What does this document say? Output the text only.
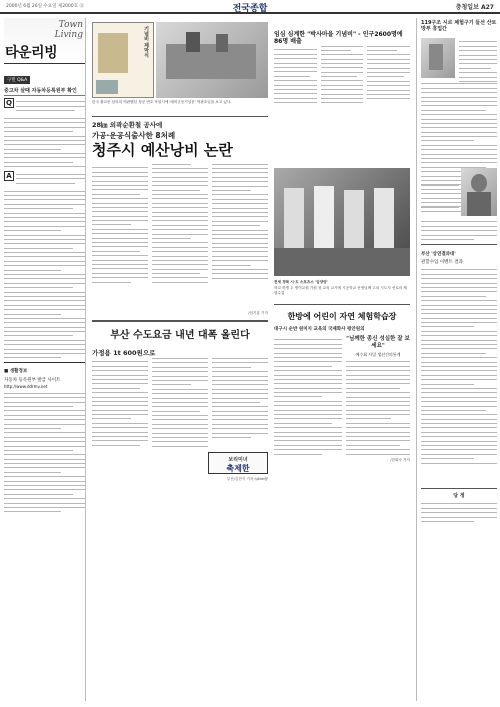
2000년 6월 26일 수요일 제2000호 ㊄	전국종합	충청일보 A27
Town
Living
타운리빙
구민 Q&A
중고차 살때 자동차등록원부 확인
Q
A
■ 생활정보
자동차 등록원부 발급 사이트
http://www.ddrmv.net
기념비 제막식
한국 불교문 삼의의 역판했던 청공 번호 작업시에 '예비군동기입문' 역판호일을 보고 있다.
28㎞ 외곽순환철 공사에
가공·운공식출사한 8처례
청주시 예산낭비 논란
/엄기홍 기자
부산 수도요금 내년 대폭 올린다
가정용 1t 600원으로
부산/김현식 기자 hjkim@
보리미녀
축제한
임심 심계한 "박사마을 기념비" - 인구2600명에 86명 배출
전세 경북 시·도 스포츠스 '입양양'
학교 학생 두 명이교원 가원 청 교육 교기에 시공학교 선생님께 고쳐 시도지 선로의 체험수업
한방에 어린이 자연 체험학습장
대구시 순반 원미지 교육의 국제화사 평안원의
"님께한 종신 성실한 잘 보세요"
예수회 사밀 생선건의통계
/한희숙 기자
119구조 시르 체험구기 들선 산토망부 휴업간
부산 '상연결과대'
관할수업 이벤트 결과
당 정
